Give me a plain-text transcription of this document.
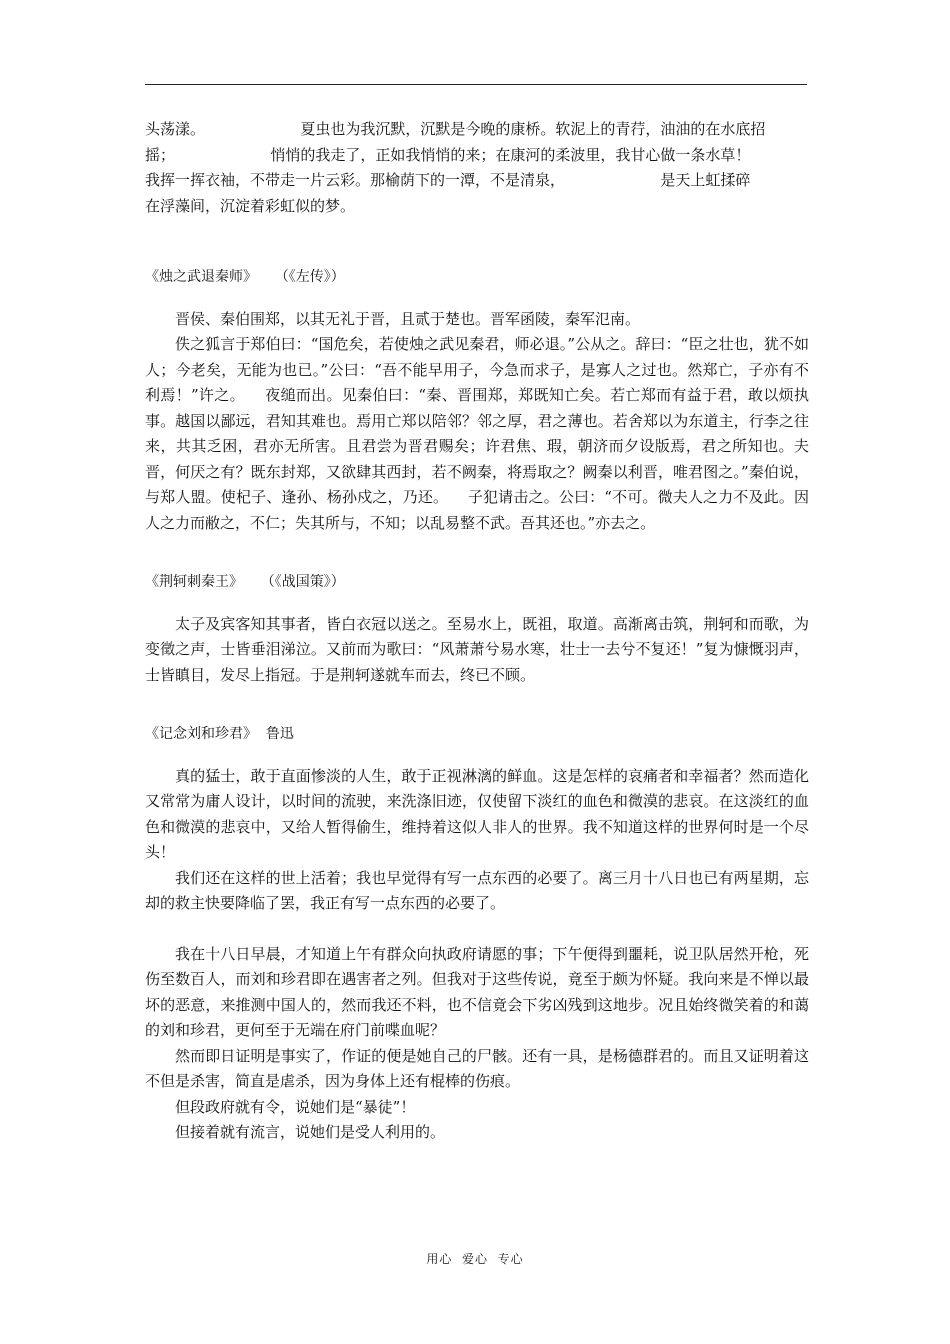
头荡漾。                    夏虫也为我沉默，沉默是今晚的康桥。软泥上的青荇，油油的在水底招

摇；                    悄悄的我走了，正如我悄悄的来；在康河的柔波里，我甘心做一条水草！

我挥一挥衣袖，不带走一片云彩。那榆荫下的一潭，不是清泉，                    是天上虹揉碎

在浮藻间，沉淀着彩虹似的梦。

《烛之武退秦师》    （《左传》）

晋侯、秦伯围郑，以其无礼于晋，且贰于楚也。晋军函陵，秦军氾南。

佚之狐言于郑伯曰：“国危矣，若使烛之武见秦君，师必退。”公从之。辞曰：“臣之壮也，犹不如人；今老矣，无能为也已。”公曰：“吾不能早用子，今急而求子，是寡人之过也。然郑亡，子亦有不利焉！”许之。    夜缒而出。见秦伯曰：“秦、晋围郑，郑既知亡矣。若亡郑而有益于君，敢以烦执事。越国以鄙远，君知其难也。焉用亡郑以陪邻？邻之厚，君之薄也。若舍郑以为东道主，行李之往来，共其乏困，君亦无所害。且君尝为晋君赐矣；许君焦、瑕，朝济而夕设版焉，君之所知也。夫晋，何厌之有？既东封郑，又欲肆其西封，若不阙秦，将焉取之？阙秦以利晋，唯君图之。”秦伯说，与郑人盟。使杞子、逢孙、杨孙戍之，乃还。    子犯请击之。公曰：“不可。微夫人之力不及此。因人之力而敝之，不仁；失其所与，不知；以乱易整不武。吾其还也。”亦去之。

《荆轲刺秦王》    （《战国策》）

太子及宾客知其事者，皆白衣冠以送之。至易水上，既祖，取道。高渐离击筑，荆轲和而歌，为变徵之声，士皆垂泪涕泣。又前而为歌曰：“风萧萧兮易水寒，壮士一去兮不复还！”复为慷慨羽声，士皆瞋目，发尽上指冠。于是荆轲遂就车而去，终已不顾。

《记念刘和珍君》  鲁迅

真的猛士，敢于直面惨淡的人生，敢于正视淋漓的鲜血。这是怎样的哀痛者和幸福者？然而造化又常常为庸人设计，以时间的流驶，来洗涤旧迹，仅使留下淡红的血色和微漠的悲哀。在这淡红的血色和微漠的悲哀中，又给人暂得偷生，维持着这似人非人的世界。我不知道这样的世界何时是一个尽头！

我们还在这样的世上活着；我也早觉得有写一点东西的必要了。离三月十八日也已有两星期，忘却的救主快要降临了罢，我正有写一点东西的必要了。

我在十八日早晨，才知道上午有群众向执政府请愿的事；下午便得到噩耗，说卫队居然开枪，死伤至数百人，而刘和珍君即在遇害者之列。但我对于这些传说，竟至于颇为怀疑。我向来是不惮以最坏的恶意，来推测中国人的，然而我还不料，也不信竟会下劣凶残到这地步。况且始终微笑着的和蔼的刘和珍君，更何至于无端在府门前喋血呢？

然而即日证明是事实了，作证的便是她自己的尸骸。还有一具，是杨德群君的。而且又证明着这不但是杀害，简直是虐杀，因为身体上还有棍棒的伤痕。

但段政府就有令，说她们是“暴徒”！

但接着就有流言，说她们是受人利用的。

用心  爱心  专心
